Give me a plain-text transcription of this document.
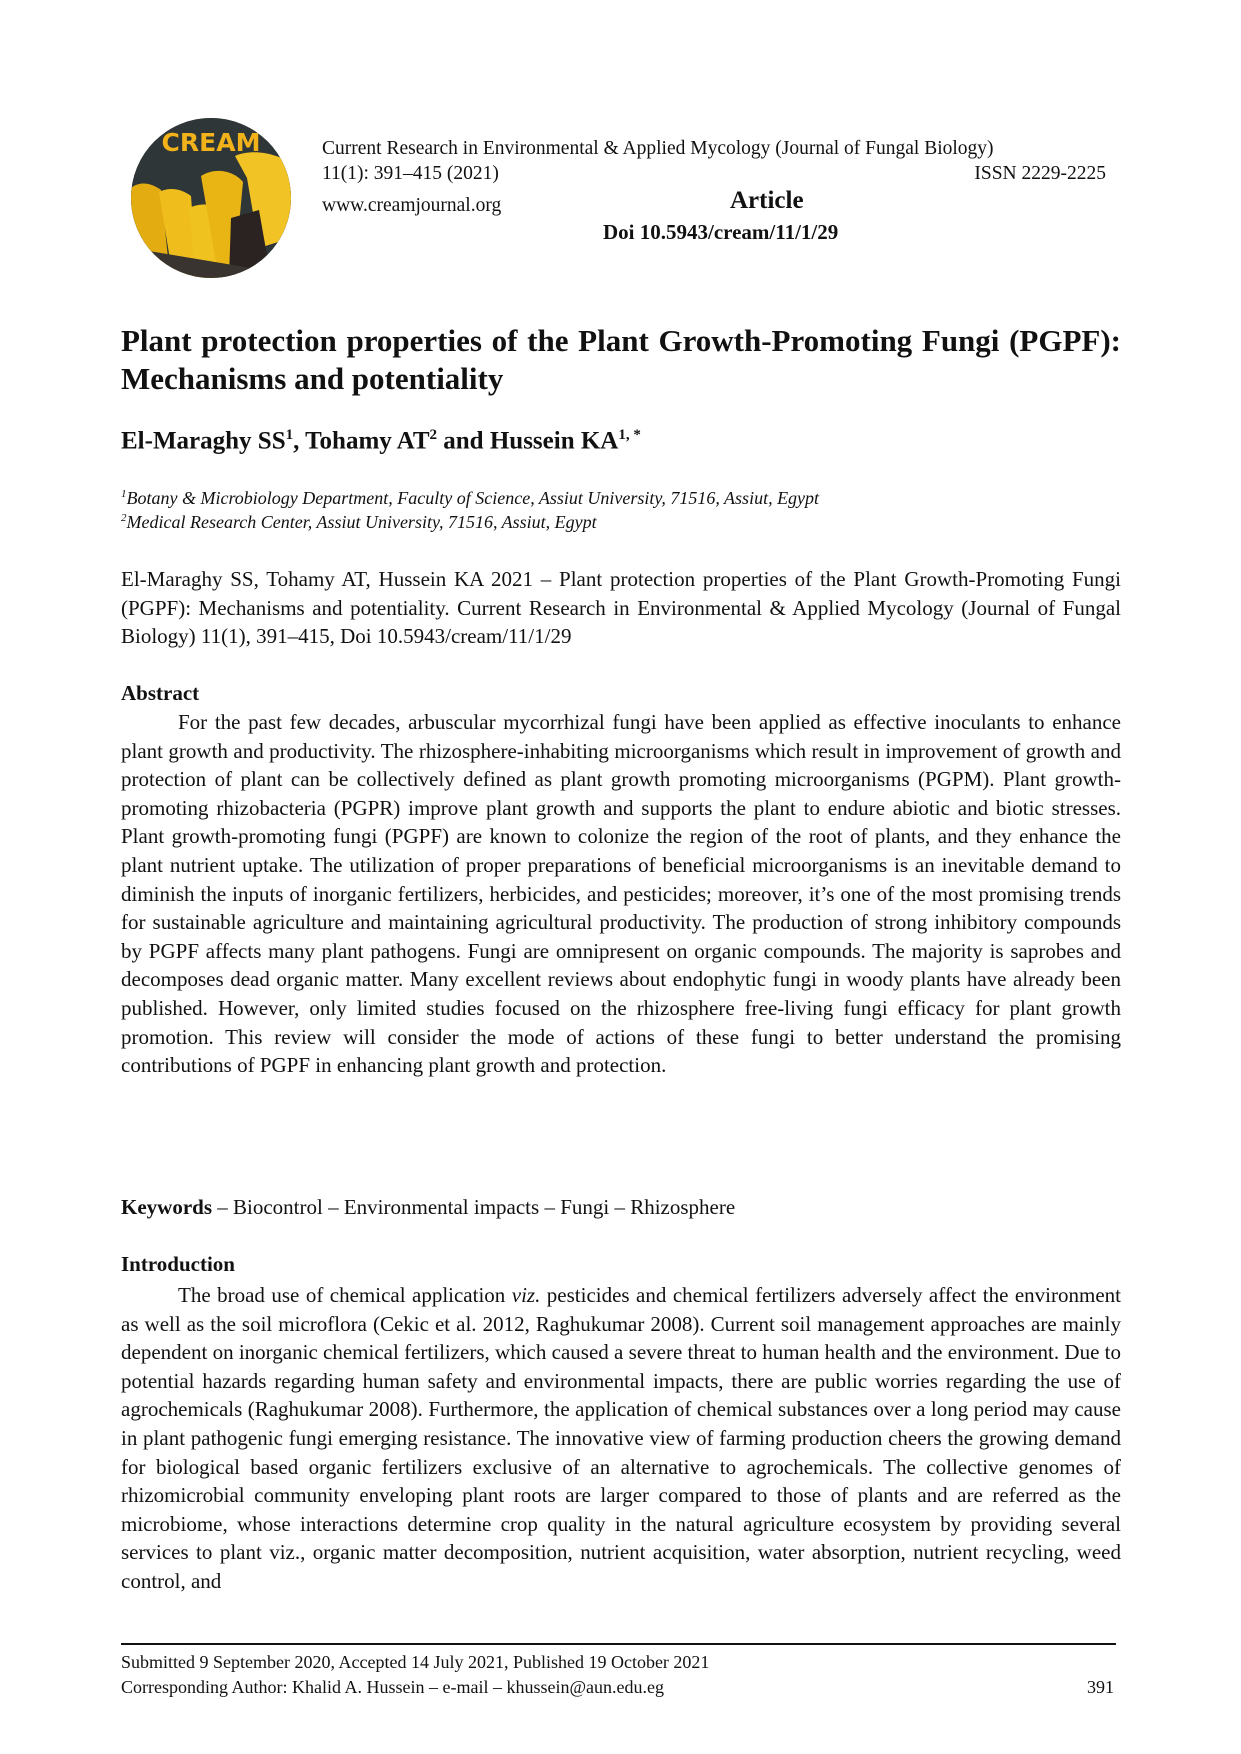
CREAM	Current Research in Environmental & Applied Mycology (Journal of Fungal Biology)
11(1): 391–415 (2021)	ISSN 2229-2225
www.creamjournal.org	Article
Doi 10.5943/cream/11/1/29
Plant protection properties of the Plant Growth-Promoting Fungi (PGPF): Mechanisms and potentiality
El-Maraghy $SS^1$, Tohamy $AT^2$ and Hussein $KA^{1, *}$
$^1$Botany & Microbiology Department, Faculty of Science, Assiut University, 71516, Assiut, Egypt
$^2$Medical Research Center, Assiut University, 71516, Assiut, Egypt

El-Maraghy SS, Tohamy AT, Hussein KA 2021 – Plant protection properties of the Plant Growth-Promoting Fungi (PGPF): Mechanisms and potentiality. Current Research in Environmental & Applied Mycology (Journal of Fungal Biology) 11(1), 391–415, Doi 10.5943/cream/11/1/29

Abstract

For the past few decades, arbuscular mycorrhizal fungi have been applied as effective inoculants to enhance plant growth and productivity. The rhizosphere-inhabiting microorganisms which result in improvement of growth and protection of plant can be collectively defined as plant growth promoting microorganisms (PGPM). Plant growth-promoting rhizobacteria (PGPR) improve plant growth and supports the plant to endure abiotic and biotic stresses. Plant growth-promoting fungi (PGPF) are known to colonize the region of the root of plants, and they enhance the plant nutrient uptake. The utilization of proper preparations of beneficial microorganisms is an inevitable demand to diminish the inputs of inorganic fertilizers, herbicides, and pesticides; moreover, it’s one of the most promising trends for sustainable agriculture and maintaining agricultural productivity. The production of strong inhibitory compounds by PGPF affects many plant pathogens. Fungi are omnipresent on organic compounds. The majority is saprobes and decomposes dead organic matter. Many excellent reviews about endophytic fungi in woody plants have already been published. However, only limited studies focused on the rhizosphere free-living fungi efficacy for plant growth promotion. This review will consider the mode of actions of these fungi to better understand the promising contributions of PGPF in enhancing plant growth and protection.

Keywords – Biocontrol – Environmental impacts – Fungi – Rhizosphere
Introduction

The broad use of chemical application viz. pesticides and chemical fertilizers adversely affect the environment as well as the soil microflora (Cekic et al. 2012, Raghukumar 2008). Current soil management approaches are mainly dependent on inorganic chemical fertilizers, which caused a severe threat to human health and the environment. Due to potential hazards regarding human safety and environmental impacts, there are public worries regarding the use of agrochemicals (Raghukumar 2008). Furthermore, the application of chemical substances over a long period may cause in plant pathogenic fungi emerging resistance. The innovative view of farming production cheers the growing demand for biological based organic fertilizers exclusive of an alternative to agrochemicals. The collective genomes of rhizomicrobial community enveloping plant roots are larger compared to those of plants and are referred as the microbiome, whose interactions determine crop quality in the natural agriculture ecosystem by providing several services to plant viz., organic matter decomposition, nutrient acquisition, water absorption, nutrient recycling, weed control, and

Submitted 9 September 2020, Accepted 14 July 2021, Published 19 October 2021
Corresponding Author: Khalid A. Hussein – e-mail – khussein@aun.edu.eg	391
